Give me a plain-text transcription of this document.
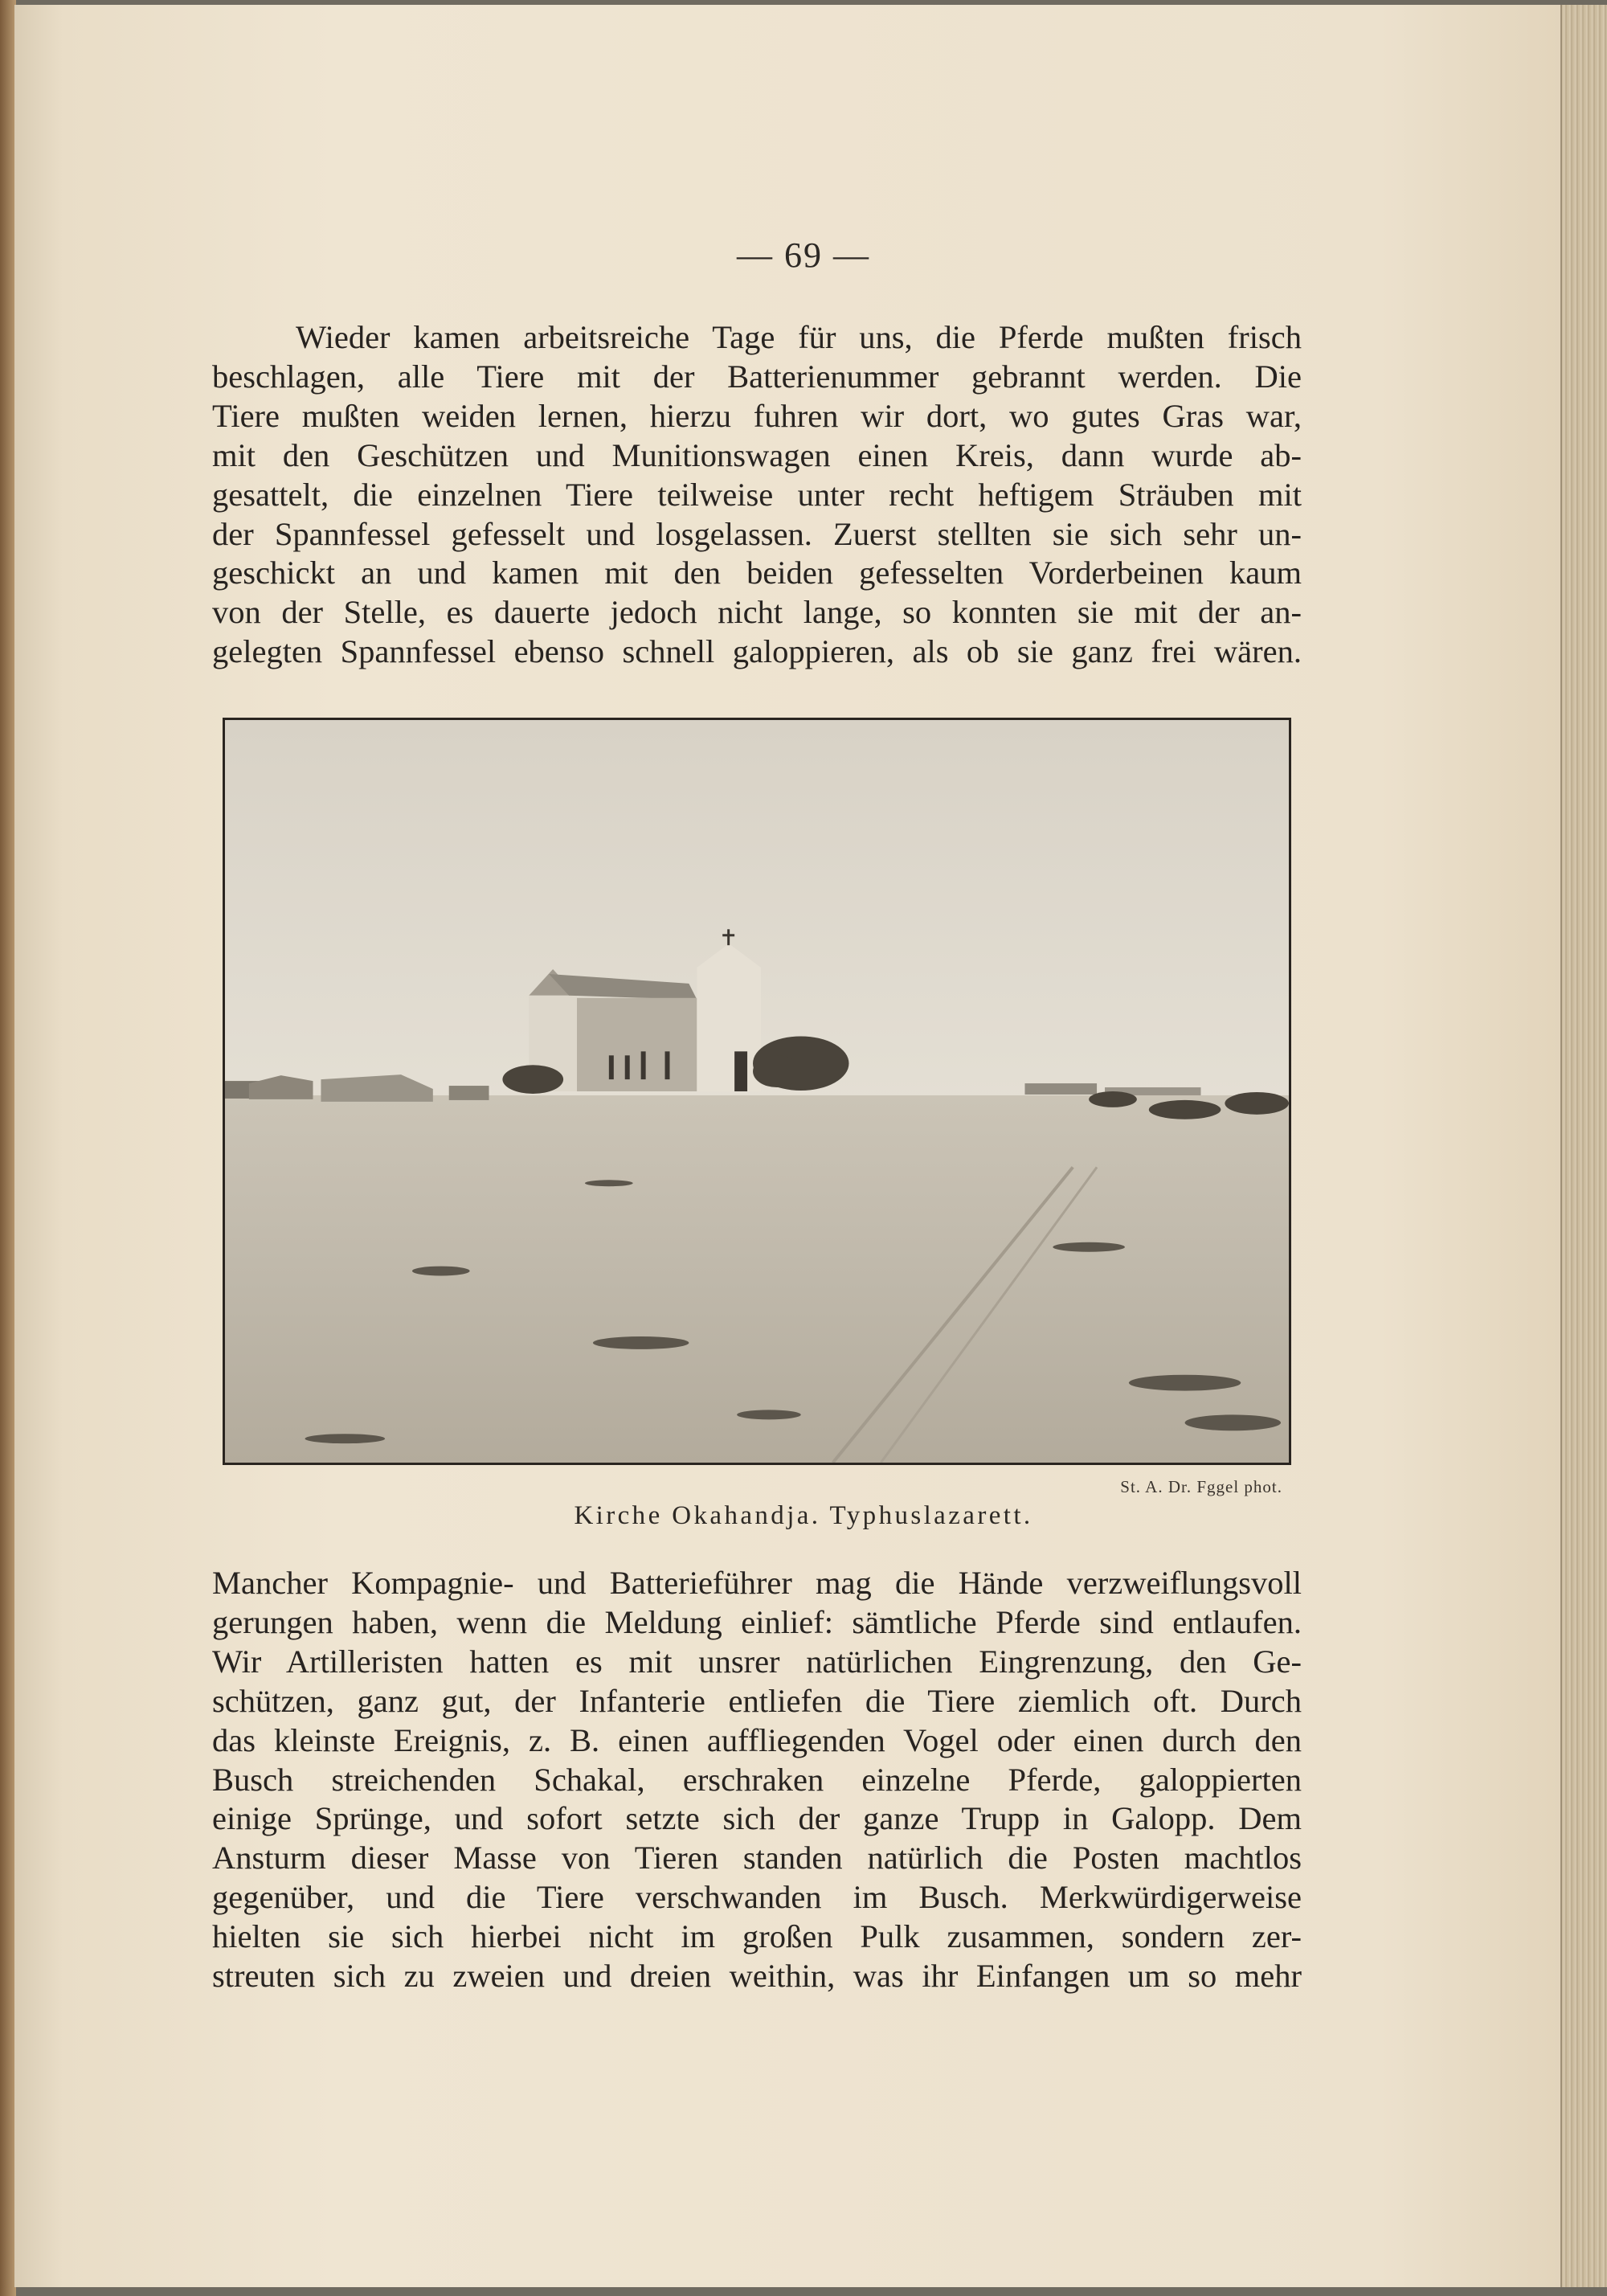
— 69 —
Wieder kamen arbeitsreiche Tage für uns, die Pferde mußten frisch
beschlagen, alle Tiere mit der Batterienummer gebrannt werden. Die
Tiere mußten weiden lernen, hierzu fuhren wir dort, wo gutes Gras war,
mit den Geschützen und Munitionswagen einen Kreis, dann wurde ab-
gesattelt, die einzelnen Tiere teilweise unter recht heftigem Sträuben mit
der Spannfessel gefesselt und losgelassen. Zuerst stellten sie sich sehr un-
geschickt an und kamen mit den beiden gefesselten Vorderbeinen kaum
von der Stelle, es dauerte jedoch nicht lange, so konnten sie mit der an-
gelegten Spannfessel ebenso schnell galoppieren, als ob sie ganz frei wären.
St. A. Dr. Fggel phot.
Kirche Okahandja. Typhuslazarett.
Mancher Kompagnie- und Batterieführer mag die Hände verzweiflungsvoll
gerungen haben, wenn die Meldung einlief: sämtliche Pferde sind entlaufen.
Wir Artilleristen hatten es mit unsrer natürlichen Eingrenzung, den Ge-
schützen, ganz gut, der Infanterie entliefen die Tiere ziemlich oft. Durch
das kleinste Ereignis, z. B. einen auffliegenden Vogel oder einen durch den
Busch streichenden Schakal, erschraken einzelne Pferde, galoppierten
einige Sprünge, und sofort setzte sich der ganze Trupp in Galopp. Dem
Ansturm dieser Masse von Tieren standen natürlich die Posten machtlos
gegenüber, und die Tiere verschwanden im Busch. Merkwürdigerweise
hielten sie sich hierbei nicht im großen Pulk zusammen, sondern zer-
streuten sich zu zweien und dreien weithin, was ihr Einfangen um so mehr
